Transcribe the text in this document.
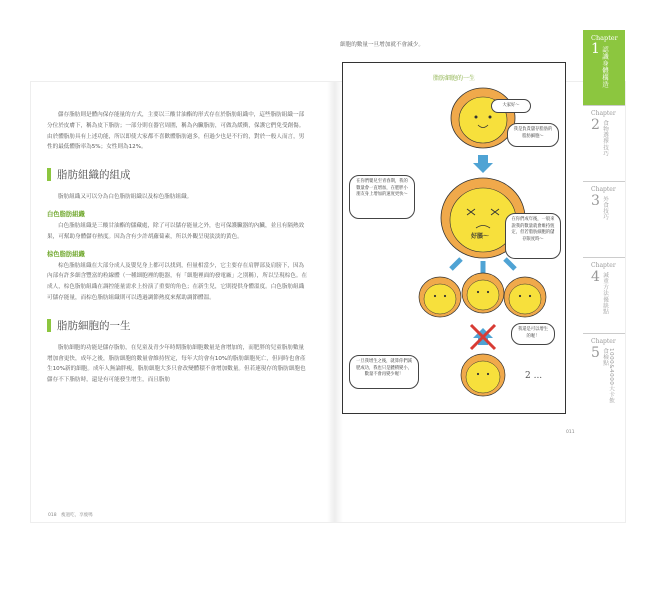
儲存脂肪則是體內保存能量的方式，主要以三酸甘油酯的形式存在於脂肪組織中，這些脂肪組織一部分位於皮膚下，稱為皮下脂肪；一部分則在器官周圍，稱為內臟脂肪，可做為緩衝，保護它們免受創傷。由於體脂肪具有上述功能，所以即使大家都不喜歡體脂肪過多，但過少也是不行的，對於一般人而言，男性的最低體脂率為5%；女性則為12%。

脂肪組織的組成

脂肪組織又可以分為白色脂肪組織以及棕色脂肪組織。

白色脂肪組織

白色脂肪組織是三酸甘油酯的儲藏處，除了可以儲存能量之外，也可保護臟器的內臟，並且有隔熱效果，可幫助身體儲存熱度。因為含有少許胡蘿蔔素，所以外觀呈現淡淡的黃色。

棕色脂肪組織

棕色脂肪組織在大部分成人及嬰兒身上都可以找到，但量相當少，它主要存在肩胛部及肩膀下，因為內部有許多細含豐富的粒線體（一種細胞裡的胞器，有「細胞裡面的發電廠」之別稱），所以呈現棕色。在成人，棕色脂肪組織在調控能量需求上扮演了重要的角色；在新生兒，它則提供身體溫度。白色脂肪組織可儲存能量，而棕色脂肪組織則可以透過調節熱度來幫助調節體溫。

脂肪細胞的一生

脂肪細胞的功能是儲存脂肪，在兒童及青少年時期脂肪細胞數量是會增加的，而肥胖的兒童脂肪數量增加會更快，成年之後，脂肪細胞的數量會維持恆定，每年大約會有10%的脂肪細胞死亡，但同時也會產生10%新的細胞。成年人無論胖瘦，脂肪細胞大多只會改變體積不會增加數量。但若連現存的脂肪細胞也儲存不下脂肪時，還是有可能發生增生，而且脂肪

018　瘦過吃，享瘦嗎
細胞的數量一旦增加就不會減少。
脂肪細胞的一生
大家好～
我是負責儲存脂肪的脂肪細胞～
在你們嬰兒至青春期，我的數量會一直增加，在肥胖小朋友身上增加的速度更快～
好脹～
在你們成年後，一般來說我的數量就會維持恆定，但若脂肪細胞的儲存限度時～
我還是可以增生的喔！
一旦我增生之後，就算你們減肥成功，我也只是體積變小，數量不會再變少喔！	2 ...
011
Chapter
1 認識身體構造
Chapter
2 食物選擇技巧
Chapter
3 外食技巧
Chapter
4 減重方法優缺點
Chapter
5	1000&4000大卡飲食檢點
